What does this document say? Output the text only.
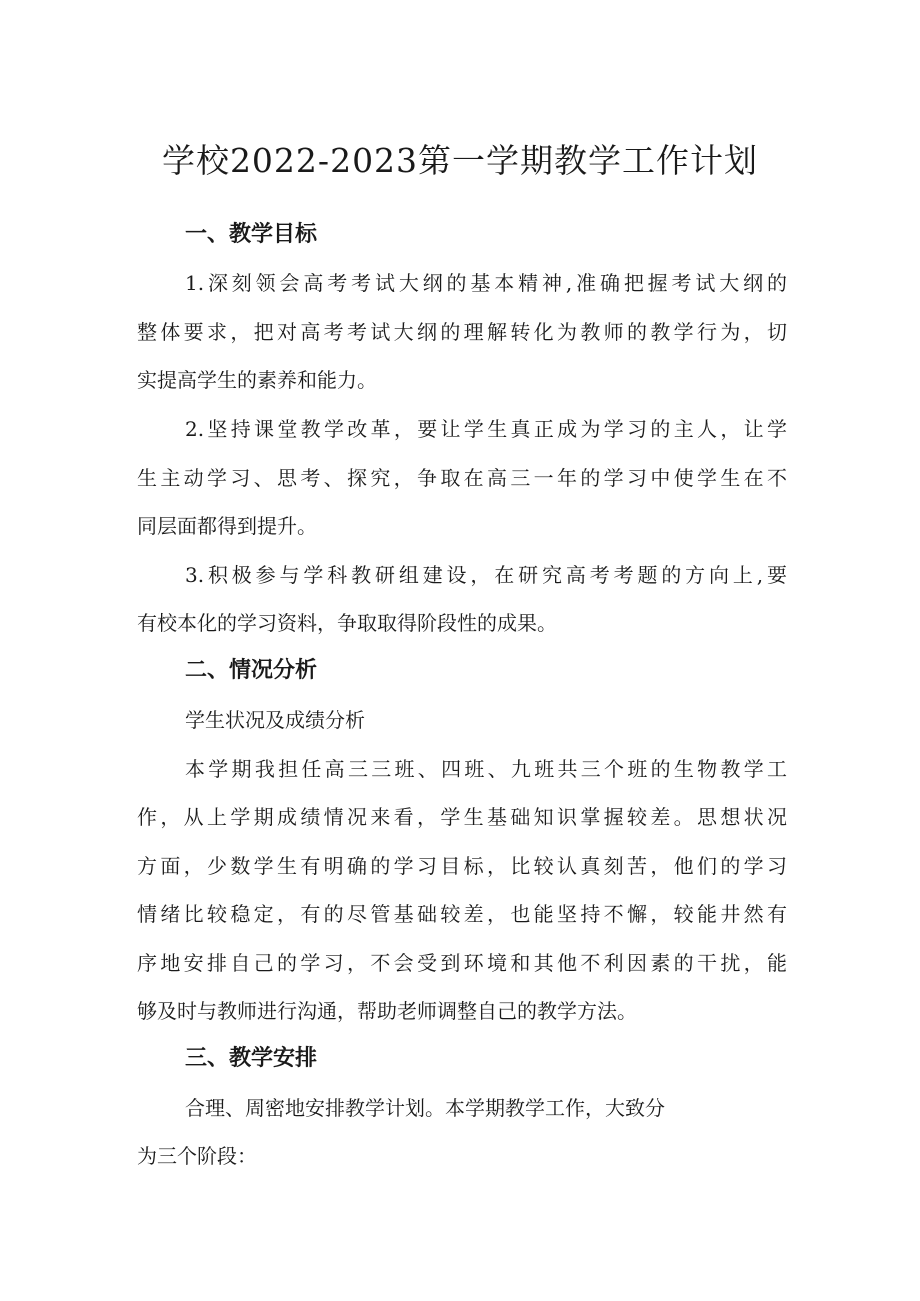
学校2022-2023第一学期教学工作计划
一、教学目标
1.深刻领会高考考试大纲的基本精神,准确把握考试大纲的
整体要求，把对高考考试大纲的理解转化为教师的教学行为，切
实提高学生的素养和能力。
2.坚持课堂教学改革，要让学生真正成为学习的主人，让学
生主动学习、思考、探究，争取在高三一年的学习中使学生在不
同层面都得到提升。
3.积极参与学科教研组建设，在研究高考考题的方向上,要
有校本化的学习资料，争取取得阶段性的成果。
二、情况分析
学生状况及成绩分析
本学期我担任高三三班、四班、九班共三个班的生物教学工
作，从上学期成绩情况来看，学生基础知识掌握较差。思想状况
方面，少数学生有明确的学习目标，比较认真刻苦，他们的学习
情绪比较稳定，有的尽管基础较差，也能坚持不懈，较能井然有
序地安排自己的学习，不会受到环境和其他不利因素的干扰，能
够及时与教师进行沟通，帮助老师调整自己的教学方法。
三、教学安排
合理、周密地安排教学计划。本学期教学工作，大致分
为三个阶段：
